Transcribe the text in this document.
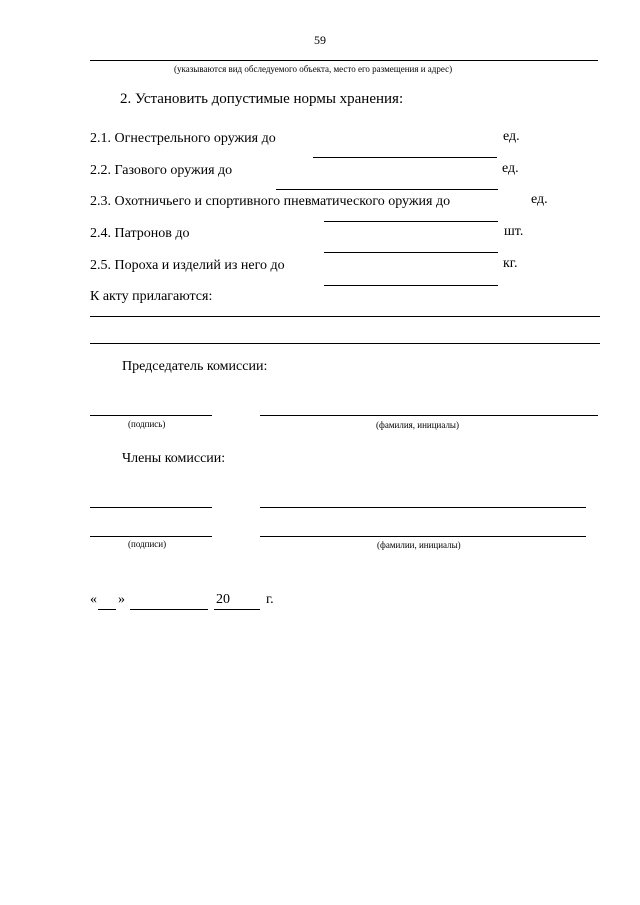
59
(указываются вид обследуемого объекта, место его размещения и адрес)
2. Установить допустимые нормы хранения:
2.1. Огнестрельного оружия до	ед.
2.2. Газового оружия до	ед.
2.3. Охотничьего и спортивного пневматического оружия до	ед.
2.4. Патронов до	шт.
2.5. Пороха и изделий из него до	кг.
К акту прилагаются:
Председатель комиссии:
(подпись)	(фамилия, инициалы)
Члены комиссии:
(подписи)	(фамилии, инициалы)
« »	20	г.
